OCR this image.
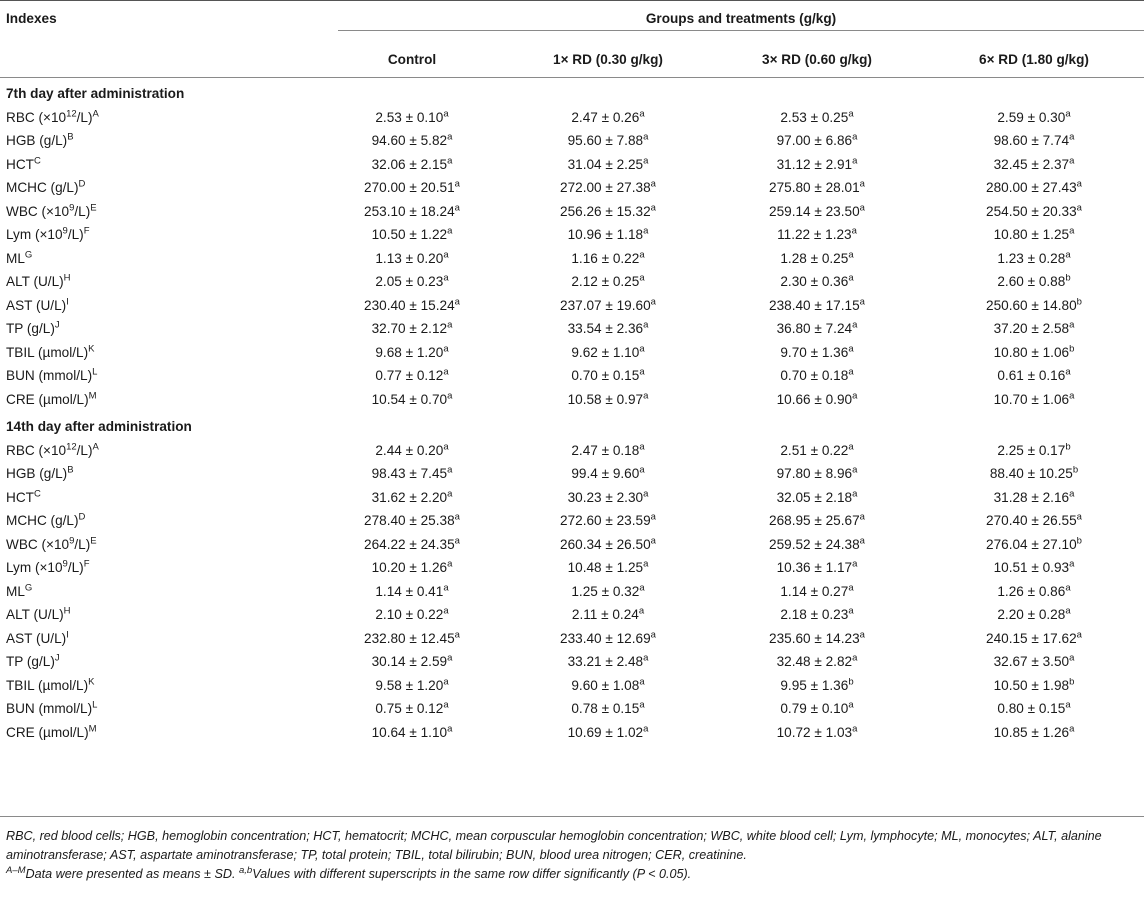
Indexes	Groups and treatments (g/kg)			

	Control	1× RD (0.30 g/kg)	3× RD (0.60 g/kg)	6× RD (1.80 g/kg)
7th day after administration				
RBC $(\times 10^{12}/L)^A$	2.53 ± 0.10$^a$	2.47 ± 0.26$^a$	2.53 ± 0.25$^a$	2.59 ± 0.30$^a$
HGB $(g/L)^B$	94.60 ± 5.82$^a$	95.60 ± 7.88$^a$	97.00 ± 6.86$^a$	98.60 ± 7.74$^a$
$HCT^C$	32.06 ± 2.15$^a$	31.04 ± 2.25$^a$	31.12 ± 2.91$^a$	32.45 ± 2.37$^a$
MCHC $(g/L)^D$	270.00 ± 20.51$^a$	272.00 ± 27.38$^a$	275.80 ± 28.01$^a$	280.00 ± 27.43$^a$
WBC $(\times 10^9/L)^E$	253.10 ± 18.24$^a$	256.26 ± 15.32$^a$	259.14 ± 23.50$^a$	254.50 ± 20.33$^a$
Lym $(\times 10^9/L)^F$	10.50 ± 1.22$^a$	10.96 ± 1.18$^a$	11.22 ± 1.23$^a$	10.80 ± 1.25$^a$
$ML^G$	1.13 ± 0.20$^a$	1.16 ± 0.22$^a$	1.28 ± 0.25$^a$	1.23 ± 0.28$^a$
ALT $(U/L)^H$	2.05 ± 0.23$^a$	2.12 ± 0.25$^a$	2.30 ± 0.36$^a$	2.60 ± 0.88$^b$
AST $(U/L)^I$	230.40 ± 15.24$^a$	237.07 ± 19.60$^a$	238.40 ± 17.15$^a$	250.60 ± 14.80$^b$
TP $(g/L)^J$	32.70 ± 2.12$^a$	33.54 ± 2.36$^a$	36.80 ± 7.24$^a$	37.20 ± 2.58$^a$
TBIL $(\mu mol/L)^K$	9.68 ± 1.20$^a$	9.62 ± 1.10$^a$	9.70 ± 1.36$^a$	10.80 ± 1.06$^b$
BUN (mmol/L)$^L$	0.77 ± 0.12$^a$	0.70 ± 0.15$^a$	0.70 ± 0.18$^a$	0.61 ± 0.16$^a$
CRE $(\mu mol/L)^M$	10.54 ± 0.70$^a$	10.58 ± 0.97$^a$	10.66 ± 0.90$^a$	10.70 ± 1.06$^a$
14th day after administration				
RBC $(\times 10^{12}/L)^A$	2.44 ± 0.20$^a$	2.47 ± 0.18$^a$	2.51 ± 0.22$^a$	2.25 ± 0.17$^b$
HGB $(g/L)^B$	98.43 ± 7.45$^a$	99.4 ± 9.60$^a$	97.80 ± 8.96$^a$	88.40 ± 10.25$^b$
$HCT^C$	31.62 ± 2.20$^a$	30.23 ± 2.30$^a$	32.05 ± 2.18$^a$	31.28 ± 2.16$^a$
MCHC $(g/L)^D$	278.40 ± 25.38$^a$	272.60 ± 23.59$^a$	268.95 ± 25.67$^a$	270.40 ± 26.55$^a$
WBC $(\times 10^9/L)^E$	264.22 ± 24.35$^a$	260.34 ± 26.50$^a$	259.52 ± 24.38$^a$	276.04 ± 27.10$^b$
Lym $(\times 10^9/L)^F$	10.20 ± 1.26$^a$	10.48 ± 1.25$^a$	10.36 ± 1.17$^a$	10.51 ± 0.93$^a$
$ML^G$	1.14 ± 0.41$^a$	1.25 ± 0.32$^a$	1.14 ± 0.27$^a$	1.26 ± 0.86$^a$
ALT $(U/L)^H$	2.10 ± 0.22$^a$	2.11 ± 0.24$^a$	2.18 ± 0.23$^a$	2.20 ± 0.28$^a$
AST $(U/L)^I$	232.80 ± 12.45$^a$	233.40 ± 12.69$^a$	235.60 ± 14.23$^a$	240.15 ± 17.62$^a$
TP $(g/L)^J$	30.14 ± 2.59$^a$	33.21 ± 2.48$^a$	32.48 ± 2.82$^a$	32.67 ± 3.50$^a$
TBIL $(\mu mol/L)^K$	9.58 ± 1.20$^a$	9.60 ± 1.08$^a$	9.95 ± 1.36$^b$	10.50 ± 1.98$^b$
BUN (mmol/L)$^L$	0.75 ± 0.12$^a$	0.78 ± 0.15$^a$	0.79 ± 0.10$^a$	0.80 ± 0.15$^a$
CRE $(\mu mol/L)^M$	10.64 ± 1.10$^a$	10.69 ± 1.02$^a$	10.72 ± 1.03$^a$	10.85 ± 1.26$^a$

RBC, red blood cells; HGB, hemoglobin concentration; HCT, hematocrit; MCHC, mean corpuscular hemoglobin concentration; WBC, white blood cell; Lym, lymphocyte; ML, monocytes; ALT, alanine aminotransferase; AST, aspartate aminotransferase; TP, total protein; TBIL, total bilirubin; BUN, blood urea nitrogen; CER, creatinine.

$^{A-M}$Data were presented as means ± SD. $^{a,b}$Values with different superscripts in the same row differ significantly (P < 0.05).
